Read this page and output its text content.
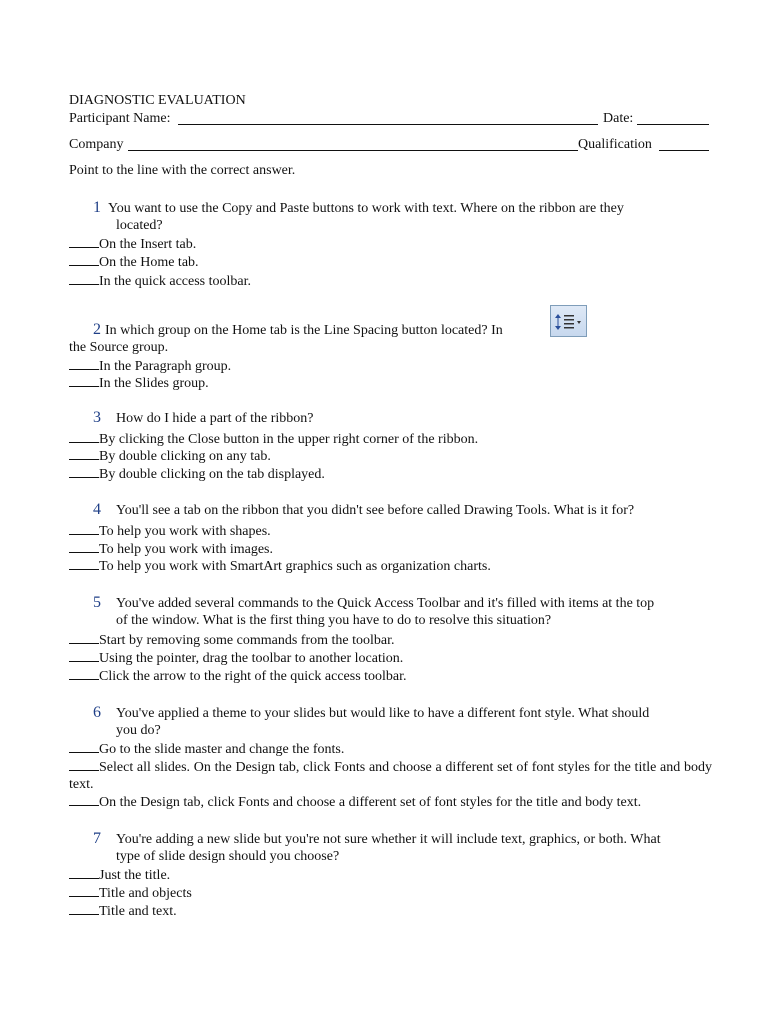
DIAGNOSTIC EVALUATION
Participant Name:	Date:
Company	Qualification
Point to the line with the correct answer.
1 You want to use the Copy and Paste buttons to work with text. Where on the ribbon are they
located?
On the Insert tab.
On the Home tab.
In the quick access toolbar.
2 In which group on the Home tab is the Line Spacing button located? In
the Source group.
In the Paragraph group.
In the Slides group.
3 How do I hide a part of the ribbon?
By clicking the Close button in the upper right corner of the ribbon.
By double clicking on any tab.
By double clicking on the tab displayed.
4 You'll see a tab on the ribbon that you didn't see before called Drawing Tools. What is it for?
To help you work with shapes.
To help you work with images.
To help you work with SmartArt graphics such as organization charts.
5 You've added several commands to the Quick Access Toolbar and it's filled with items at the top
of the window. What is the first thing you have to do to resolve this situation?
Start by removing some commands from the toolbar.
Using the pointer, drag the toolbar to another location.
Click the arrow to the right of the quick access toolbar.
6 You've applied a theme to your slides but would like to have a different font style. What should
you do?
Go to the slide master and change the fonts.
Select all slides. On the Design tab, click Fonts and choose a different set of font styles for the title and body text.
On the Design tab, click Fonts and choose a different set of font styles for the title and body text.
7 You're adding a new slide but you're not sure whether it will include text, graphics, or both. What
type of slide design should you choose?
Just the title.
Title and objects
Title and text.
